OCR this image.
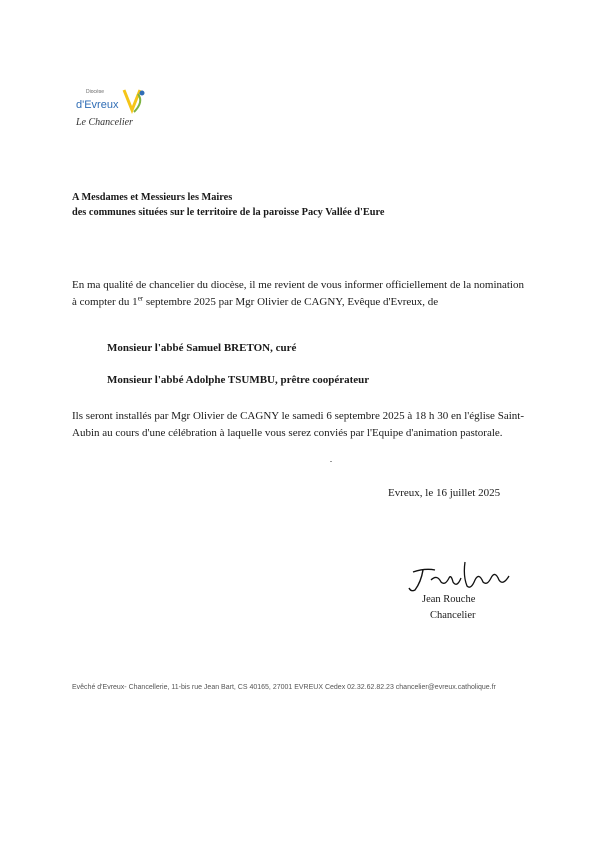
Diocèse
d'Evreux
Le Chancelier
A Mesdames et Messieurs les Maires
des communes situées sur le territoire de la paroisse Pacy Vallée d'Eure
En ma qualité de chancelier du diocèse, il me revient de vous informer officiellement de la nomination à compter du 1er septembre 2025 par Mgr Olivier de CAGNY, Evêque d'Evreux, de
Monsieur l'abbé Samuel BRETON, curé
Monsieur l'abbé Adolphe TSUMBU, prêtre coopérateur
Ils seront installés par Mgr Olivier de CAGNY le samedi 6 septembre 2025 à 18 h 30 en l'église Saint-Aubin au cours d'une célébration à laquelle vous serez conviés par l'Equipe d'animation pastorale.
Evreux, le 16 juillet 2025
Jean Rouche
Chancelier
Evêché d'Evreux- Chancellerie, 11-bis rue Jean Bart, CS 40165, 27001 EVREUX Cedex 02.32.62.82.23 chancelier@evreux.catholique.fr
